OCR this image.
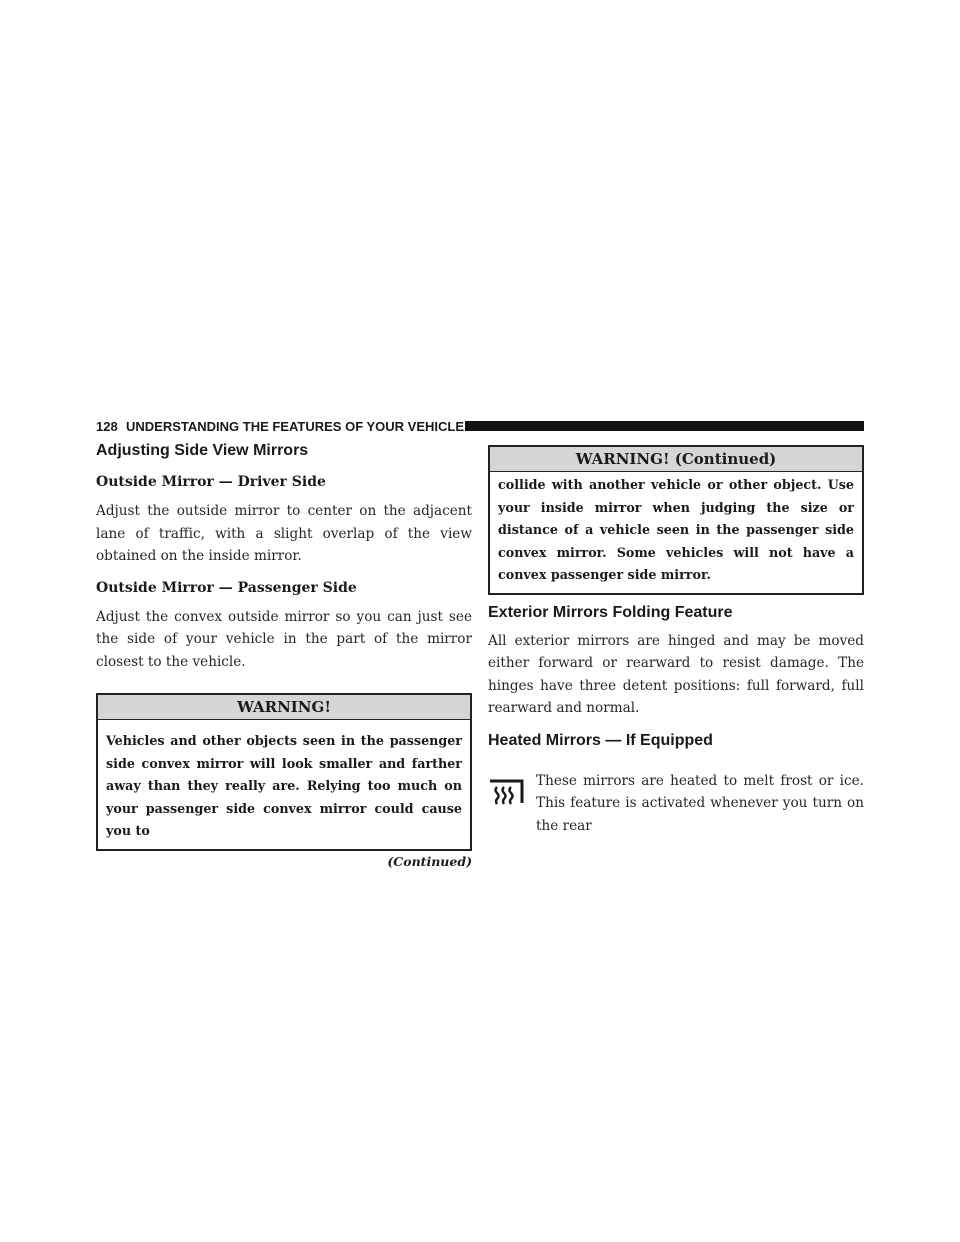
128 UNDERSTANDING THE FEATURES OF YOUR VEHICLE
Adjusting Side View Mirrors
Outside Mirror — Driver Side

Adjust the outside mirror to center on the adjacent lane of traffic, with a slight overlap of the view obtained on the inside mirror.

Outside Mirror — Passenger Side

Adjust the convex outside mirror so you can just see the side of your vehicle in the part of the mirror closest to the vehicle.

WARNING!
Vehicles and other objects seen in the passenger side convex mirror will look smaller and farther away than they really are. Relying too much on your passenger side convex mirror could cause you to
(Continued)
WARNING! (Continued)
collide with another vehicle or other object. Use your inside mirror when judging the size or distance of a vehicle seen in the passenger side convex mirror. Some vehicles will not have a convex passenger side mirror.
Exterior Mirrors Folding Feature

All exterior mirrors are hinged and may be moved either forward or rearward to resist damage. The hinges have three detent positions: full forward, full rearward and normal.

Heated Mirrors — If Equipped
These mirrors are heated to melt frost or ice. This feature is activated whenever you turn on the rear
